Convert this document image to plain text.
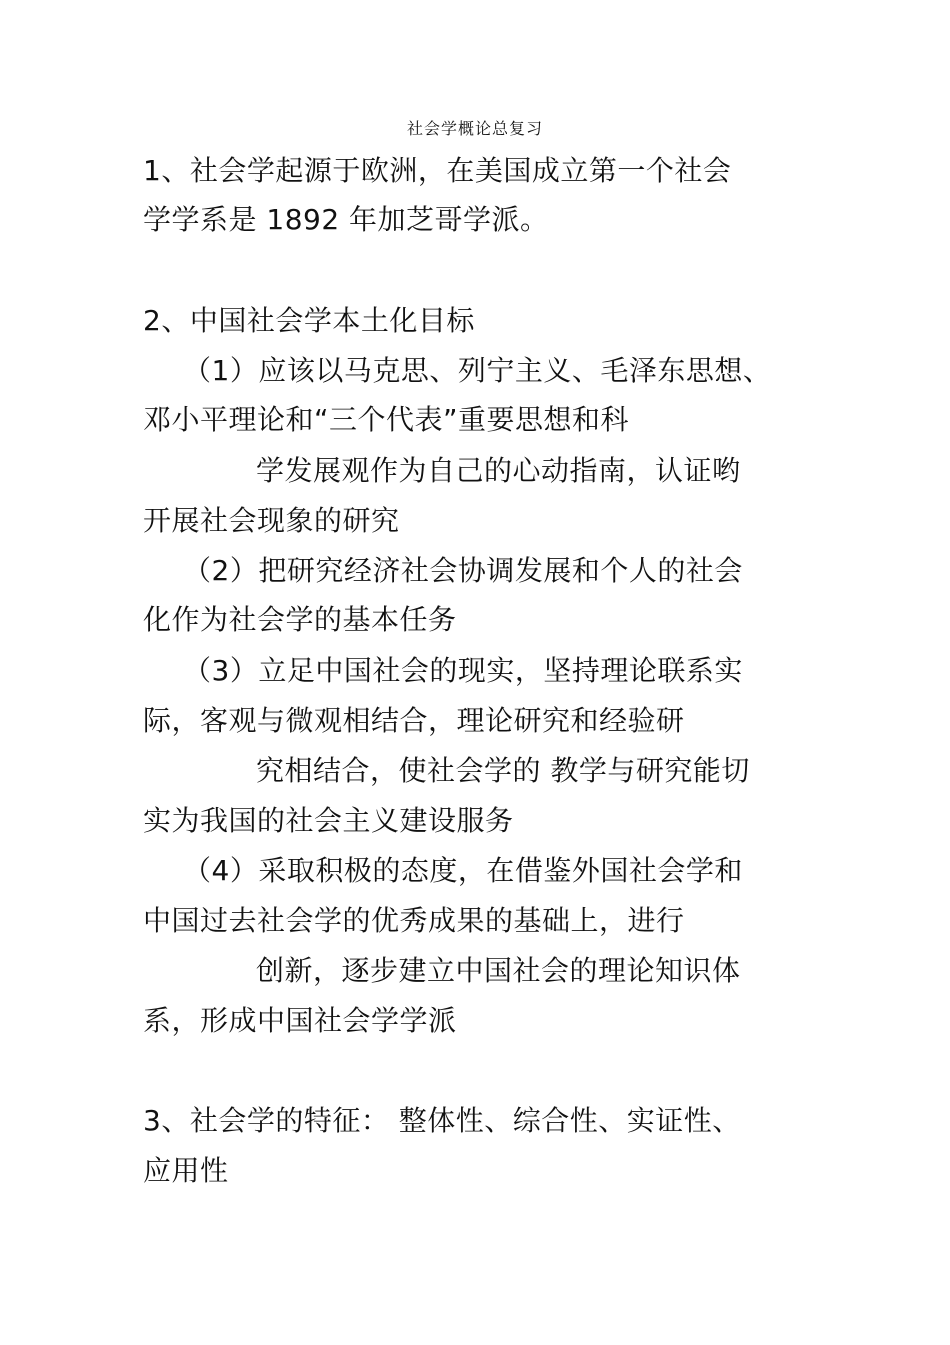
社会学概论总复习
1、社会学起源于欧洲，在美国成立第一个社会
学学系是 1892 年加芝哥学派。
2、中国社会学本土化目标
（1）应该以马克思、列宁主义、毛泽东思想、
邓小平理论和“三个代表”重要思想和科
学发展观作为自己的心动指南，认证哟
开展社会现象的研究
（2）把研究经济社会协调发展和个人的社会
化作为社会学的基本任务
（3）立足中国社会的现实，坚持理论联系实
际，客观与微观相结合，理论研究和经验研
究相结合，使社会学的 教学与研究能切
实为我国的社会主义建设服务
（4）采取积极的态度，在借鉴外国社会学和
中国过去社会学的优秀成果的基础上，进行
创新，逐步建立中国社会的理论知识体
系，形成中国社会学学派
3、社会学的特征： 整体性、综合性、实证性、
应用性
